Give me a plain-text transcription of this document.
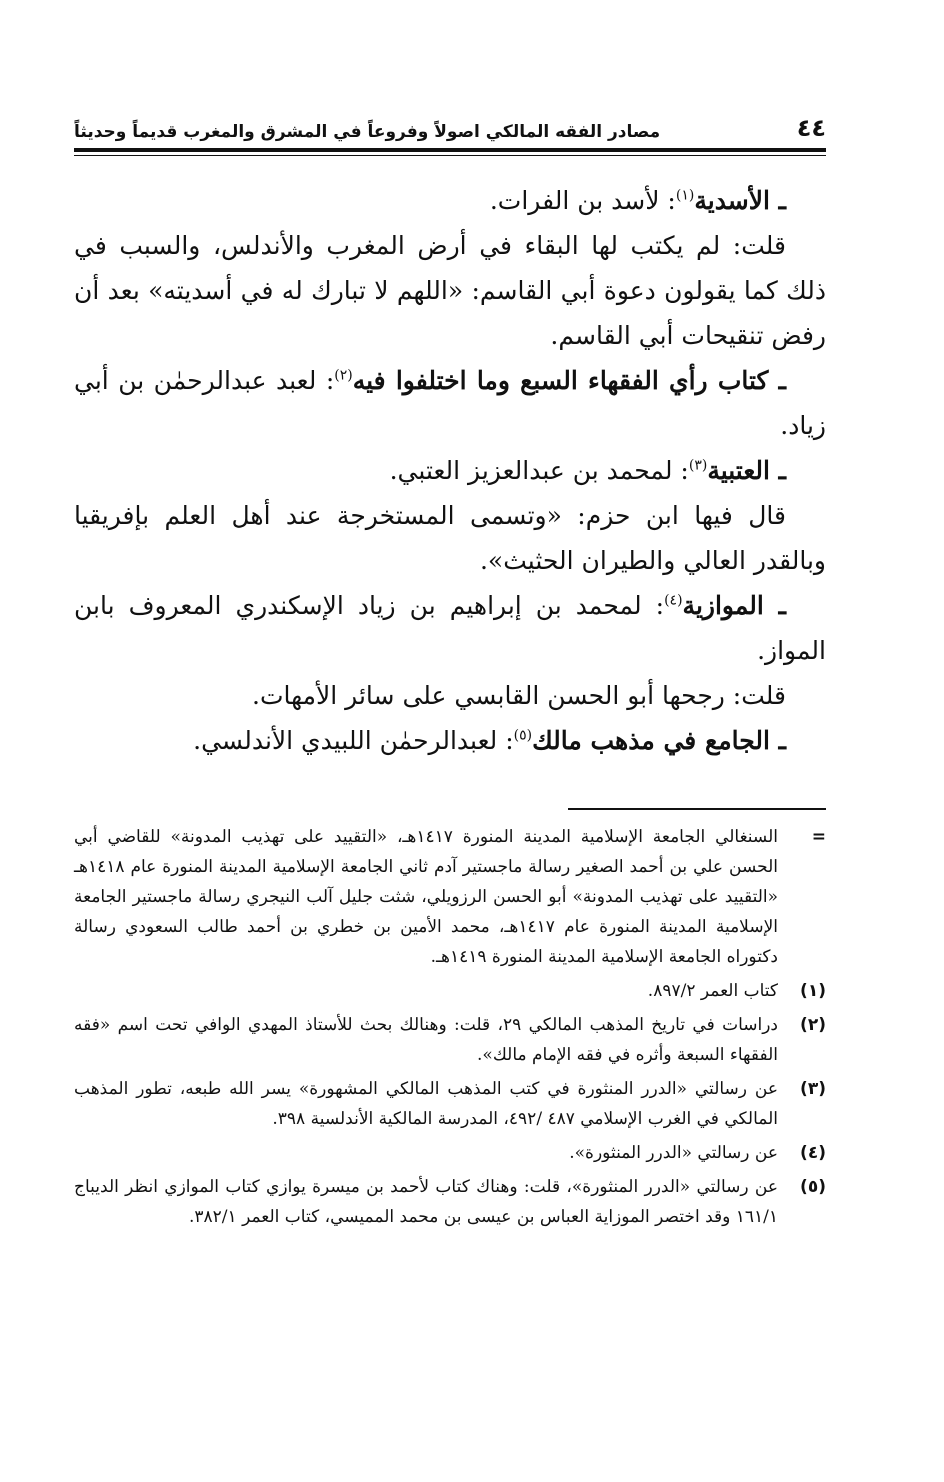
٤٤
مصادر الفقه المالكي اصولاً وفروعاً في المشرق والمغرب قديماً وحديثاً

ـ الأسدية$^{(١)}$: لأسد بن الفرات.

قلت: لم يكتب لها البقاء في أرض المغرب والأندلس، والسبب في ذلك كما يقولون دعوة أبي القاسم: «اللهم لا تبارك له في أسديته» بعد أن رفض تنقيحات أبي القاسم.

ـ كتاب رأي الفقهاء السبع وما اختلفوا فيه$^{(٢)}$: لعبد عبدالرحمٰن بن أبي زياد.

ـ العتبية$^{(٣)}$: لمحمد بن عبدالعزيز العتبي.

قال فيها ابن حزم: «وتسمى المستخرجة عند أهل العلم بإفريقيا وبالقدر العالي والطيران الحثيث».

ـ الموازية$^{(٤)}$: لمحمد بن إبراهيم بن زياد الإسكندري المعروف بابن المواز.

قلت: رجحها أبو الحسن القابسي على سائر الأمهات.

ـ الجامع في مذهب مالك$^{(٥)}$: لعبدالرحمٰن اللبيدي الأندلسي.

=
السنغالي الجامعة الإسلامية المدينة المنورة ١٤١٧هـ، «التقييد على تهذيب المدونة» للقاضي أبي الحسن علي بن أحمد الصغير رسالة ماجستير آدم ثاني الجامعة الإسلامية المدينة المنورة عام ١٤١٨هـ «التقييد على تهذيب المدونة» أبو الحسن الرزويلي، شثت جليل آلب النيجري رسالة ماجستير الجامعة الإسلامية المدينة المنورة عام ١٤١٧هـ، محمد الأمين بن خطري بن أحمد طالب السعودي رسالة دكتوراه الجامعة الإسلامية المدينة المنورة ١٤١٩هـ.
(١)
كتاب العمر ٨٩٧/٢.
(٢)
دراسات في تاريخ المذهب المالكي ٢٩، قلت: وهنالك بحث للأستاذ المهدي الوافي تحت اسم «فقه الفقهاء السبعة وأثره في فقه الإمام مالك».
(٣)
عن رسالتي «الدرر المنثورة في كتب المذهب المالكي المشهورة» يسر الله طبعه، تطور المذهب المالكي في الغرب الإسلامي ٤٨٧ /٤٩٢، المدرسة المالكية الأندلسية ٣٩٨.
(٤)
عن رسالتي «الدرر المنثورة».
(٥)
عن رسالتي «الدرر المنثورة»، قلت: وهناك كتاب لأحمد بن ميسرة يوازي كتاب الموازي انظر الديباج ١٦١/١ وقد اختصر الموزاية العباس بن عيسى بن محمد المميسي، كتاب العمر ٣٨٢/١.
